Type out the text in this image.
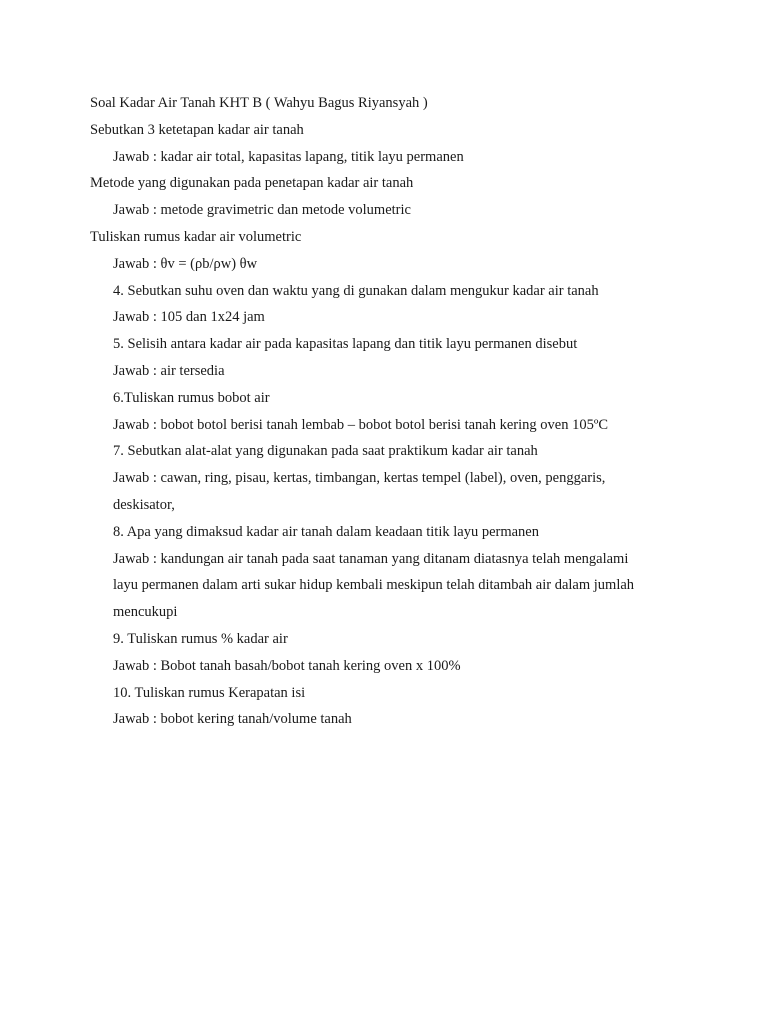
Soal Kadar Air Tanah KHT B ( Wahyu Bagus Riyansyah )
Sebutkan 3 ketetapan kadar air tanah
Jawab : kadar air total, kapasitas lapang, titik layu permanen
Metode yang digunakan pada penetapan kadar air tanah
Jawab : metode gravimetric dan metode volumetric
Tuliskan rumus kadar air volumetric
Jawab : θv = (ρb/ρw) θw
4. Sebutkan suhu oven dan waktu yang di gunakan dalam mengukur kadar air tanah
Jawab : 105 dan 1x24 jam
5. Selisih antara kadar air pada kapasitas lapang dan titik layu permanen disebut
Jawab : air tersedia
6.Tuliskan rumus bobot air
Jawab : bobot botol berisi tanah lembab – bobot botol berisi tanah kering oven 105ºC
7. Sebutkan alat-alat yang digunakan pada saat praktikum kadar air tanah
Jawab : cawan, ring, pisau, kertas, timbangan, kertas tempel (label), oven, penggaris,
deskisator,
8. Apa yang dimaksud kadar air tanah dalam keadaan titik layu permanen
Jawab : kandungan air tanah pada saat tanaman yang ditanam diatasnya telah mengalami
layu permanen dalam arti sukar hidup kembali meskipun telah ditambah air dalam jumlah
mencukupi
9. Tuliskan rumus % kadar air
Jawab : Bobot tanah basah/bobot tanah kering oven x 100%
10. Tuliskan rumus Kerapatan isi
Jawab : bobot kering tanah/volume tanah
